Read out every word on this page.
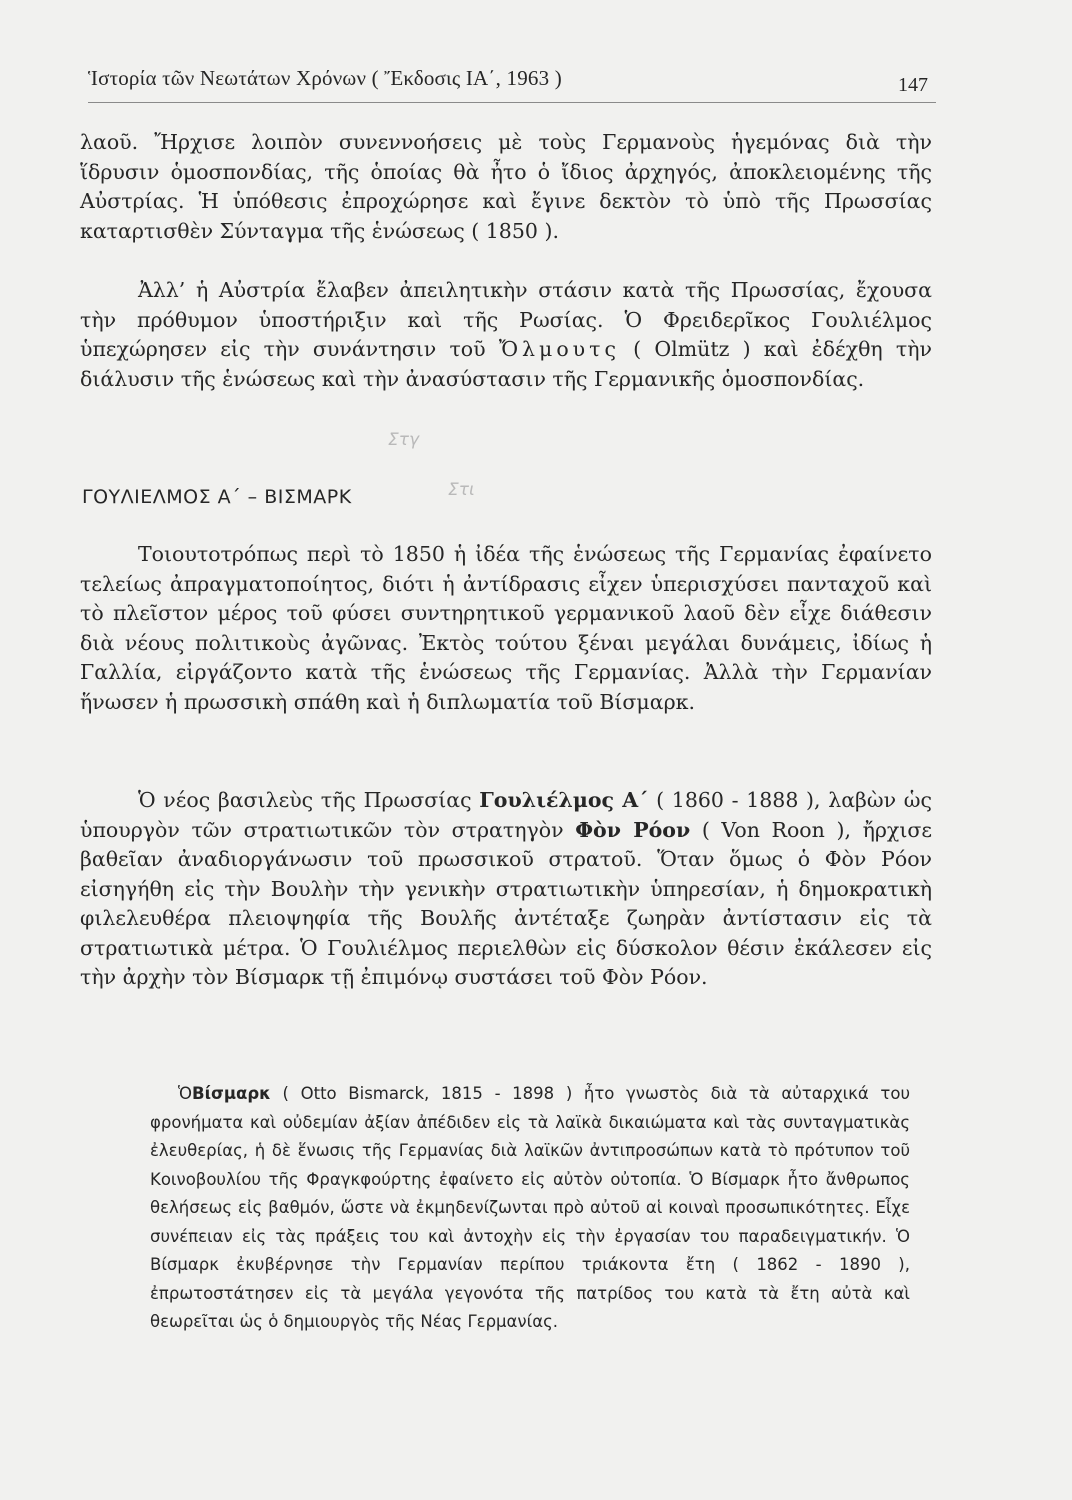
Ἱστορία τῶν Νεωτάτων Χρόνων ( Ἔκδοσις ΙΑ΄, 1963 )	147

λαοῦ. Ἤρχισε λοιπὸν συνεννοήσεις μὲ τοὺς Γερμανοὺς ἡγεμόνας διὰ τὴν ἵδρυσιν ὁμοσπονδίας, τῆς ὁποίας θὰ ἦτο ὁ ἴδιος ἀρχηγός, ἀποκλειομένης τῆς Αὐστρίας. Ἡ ὑπόθεσις ἐπροχώρησε καὶ ἔγινε δεκτὸν τὸ ὑπὸ τῆς Πρωσσίας καταρτισθὲν Σύνταγμα τῆς ἑνώσεως ( 1850 ).

Ἀλλ’ ἡ Αὐστρία ἔλαβεν ἀπειλητικὴν στάσιν κατὰ τῆς Πρωσσίας, ἔχουσα τὴν πρόθυμον ὑποστήριξιν καὶ τῆς Ρωσίας. Ὁ Φρειδερῖκος Γουλιέλμος ὑπεχώρησεν εἰς τὴν συνάντησιν τοῦ Ὄλμουτς ( Olmütz ) καὶ ἐδέχθη τὴν διάλυσιν τῆς ἑνώσεως καὶ τὴν ἀνασύστασιν τῆς Γερμανικῆς ὁμοσπονδίας.

Στγ
Στι
ΓΟΥΛΙΕΛΜΟΣ Α΄ – ΒΙΣΜΑΡΚ

Τοιουτοτρόπως περὶ τὸ 1850 ἡ ἰδέα τῆς ἑνώσεως τῆς Γερμανίας ἐφαίνετο τελείως ἀπραγματοποίητος, διότι ἡ ἀντίδρασις εἶχεν ὑπερισχύσει πανταχοῦ καὶ τὸ πλεῖστον μέρος τοῦ φύσει συντηρητικοῦ γερμανικοῦ λαοῦ δὲν εἶχε διάθεσιν διὰ νέους πολιτικοὺς ἀγῶνας. Ἐκτὸς τούτου ξέναι μεγάλαι δυνάμεις, ἰδίως ἡ Γαλλία, εἰργάζοντο κατὰ τῆς ἑνώσεως τῆς Γερμανίας. Ἀλλὰ τὴν Γερμανίαν ἥνωσεν ἡ πρωσσικὴ σπάθη καὶ ἡ διπλωματία τοῦ Βίσμαρκ.

Ὁ νέος βασιλεὺς τῆς Πρωσσίας Γουλιέλμος Α΄ ( 1860 - 1888 ), λαβὼν ὡς ὑπουργὸν τῶν στρατιωτικῶν τὸν στρατηγὸν Φὸν Ρόον ( Von Roon ), ἤρχισε βαθεῖαν ἀναδιοργάνωσιν τοῦ πρωσσικοῦ στρατοῦ. Ὅταν ὅμως ὁ Φὸν Ρόον εἰσηγήθη εἰς τὴν Βουλὴν τὴν γενικὴν στρατιωτικὴν ὑπηρεσίαν, ἡ δημοκρατικὴ φιλελευθέρα πλειοψηφία τῆς Βουλῆς ἀντέταξε ζωηρὰν ἀντίστασιν εἰς τὰ στρατιωτικὰ μέτρα. Ὁ Γουλιέλμος περιελθὼν εἰς δύσκολον θέσιν ἐκάλεσεν εἰς τὴν ἀρχὴν τὸν Βίσμαρκ τῇ ἐπιμόνῳ συστάσει τοῦ Φὸν Ρόον.

ὉΒίσμαρκ ( Otto Bismarck, 1815 - 1898 ) ἦτο γνωστὸς διὰ τὰ αὐταρχικά του φρονήματα καὶ οὐδεμίαν ἀξίαν ἀπέδιδεν εἰς τὰ λαϊκὰ δικαιώματα καὶ τὰς συνταγματικὰς ἐλευθερίας, ἡ δὲ ἕνωσις τῆς Γερμανίας διὰ λαϊκῶν ἀντιπροσώπων κατὰ τὸ πρότυπον τοῦ Κοινοβουλίου τῆς Φραγκφούρτης ἐφαίνετο εἰς αὐτὸν οὐτοπία. Ὁ Βίσμαρκ ἦτο ἄνθρωπος θελήσεως εἰς βαθμόν, ὥστε νὰ ἐκμηδενίζωνται πρὸ αὐτοῦ αἱ κοιναὶ προσωπικότητες. Εἶχε συνέπειαν εἰς τὰς πράξεις του καὶ ἀντοχὴν εἰς τὴν ἐργασίαν του παραδειγματικήν. Ὁ Βίσμαρκ ἐκυβέρνησε τὴν Γερμανίαν περίπου τριάκοντα ἔτη ( 1862 - 1890 ), ἐπρωτοστάτησεν εἰς τὰ μεγάλα γεγονότα τῆς πατρίδος του κατὰ τὰ ἔτη αὐτὰ καὶ θεωρεῖται ὡς ὁ δημιουργὸς τῆς Νέας Γερμανίας.
